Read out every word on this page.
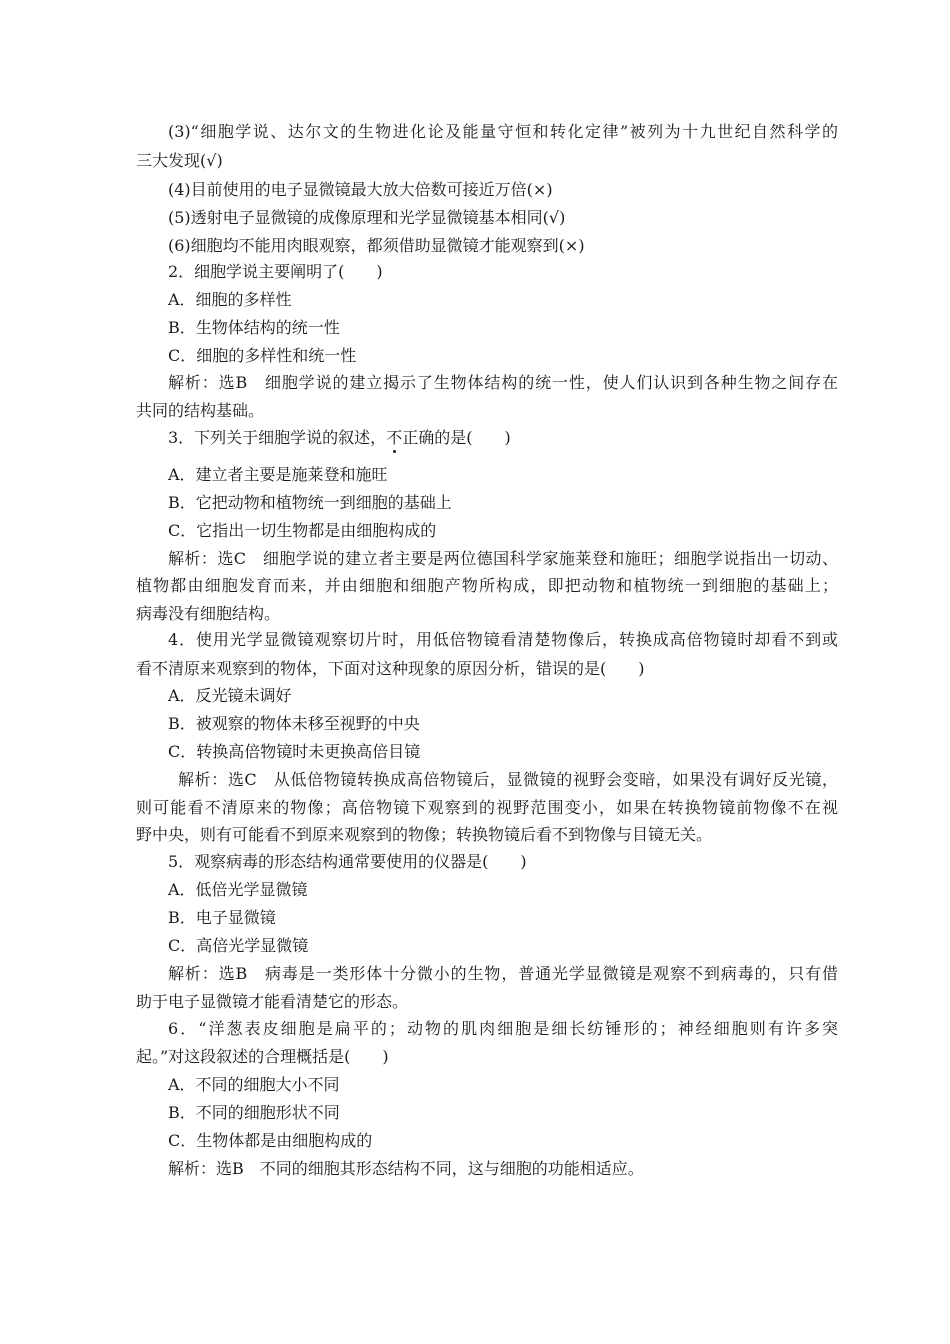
(3)“细胞学说、达尔文的生物进化论及能量守恒和转化定律”被列为十九世纪自然科学的
三大发现(√)
(4)目前使用的电子显微镜最大放大倍数可接近万倍(×)
(5)透射电子显微镜的成像原理和光学显微镜基本相同(√)
(6)细胞均不能用肉眼观察，都须借助显微镜才能观察到(×)
2．细胞学说主要阐明了(　　)
A．细胞的多样性
B．生物体结构的统一性
C．细胞的多样性和统一性
解析：选B　细胞学说的建立揭示了生物体结构的统一性，使人们认识到各种生物之间存在
共同的结构基础。
3．下列关于细胞学说的叙述，不正确的是(　　)
A．建立者主要是施莱登和施旺
B．它把动物和植物统一到细胞的基础上
C．它指出一切生物都是由细胞构成的
解析：选C　细胞学说的建立者主要是两位德国科学家施莱登和施旺；细胞学说指出一切动、
植物都由细胞发育而来，并由细胞和细胞产物所构成，即把动物和植物统一到细胞的基础上；
病毒没有细胞结构。
4．使用光学显微镜观察切片时，用低倍物镜看清楚物像后，转换成高倍物镜时却看不到或
看不清原来观察到的物体，下面对这种现象的原因分析，错误的是(　　)
A．反光镜未调好
B．被观察的物体未移至视野的中央
C．转换高倍物镜时未更换高倍目镜
解析：选C　从低倍物镜转换成高倍物镜后，显微镜的视野会变暗，如果没有调好反光镜，
则可能看不清原来的物像；高倍物镜下观察到的视野范围变小，如果在转换物镜前物像不在视
野中央，则有可能看不到原来观察到的物像；转换物镜后看不到物像与目镜无关。
5．观察病毒的形态结构通常要使用的仪器是(　　)
A．低倍光学显微镜
B．电子显微镜
C．高倍光学显微镜
解析：选B　病毒是一类形体十分微小的生物，普通光学显微镜是观察不到病毒的，只有借
助于电子显微镜才能看清楚它的形态。
6．“洋葱表皮细胞是扁平的；动物的肌肉细胞是细长纺锤形的；神经细胞则有许多突
起。”对这段叙述的合理概括是(　　)
A．不同的细胞大小不同
B．不同的细胞形状不同
C．生物体都是由细胞构成的
解析：选B　不同的细胞其形态结构不同，这与细胞的功能相适应。
